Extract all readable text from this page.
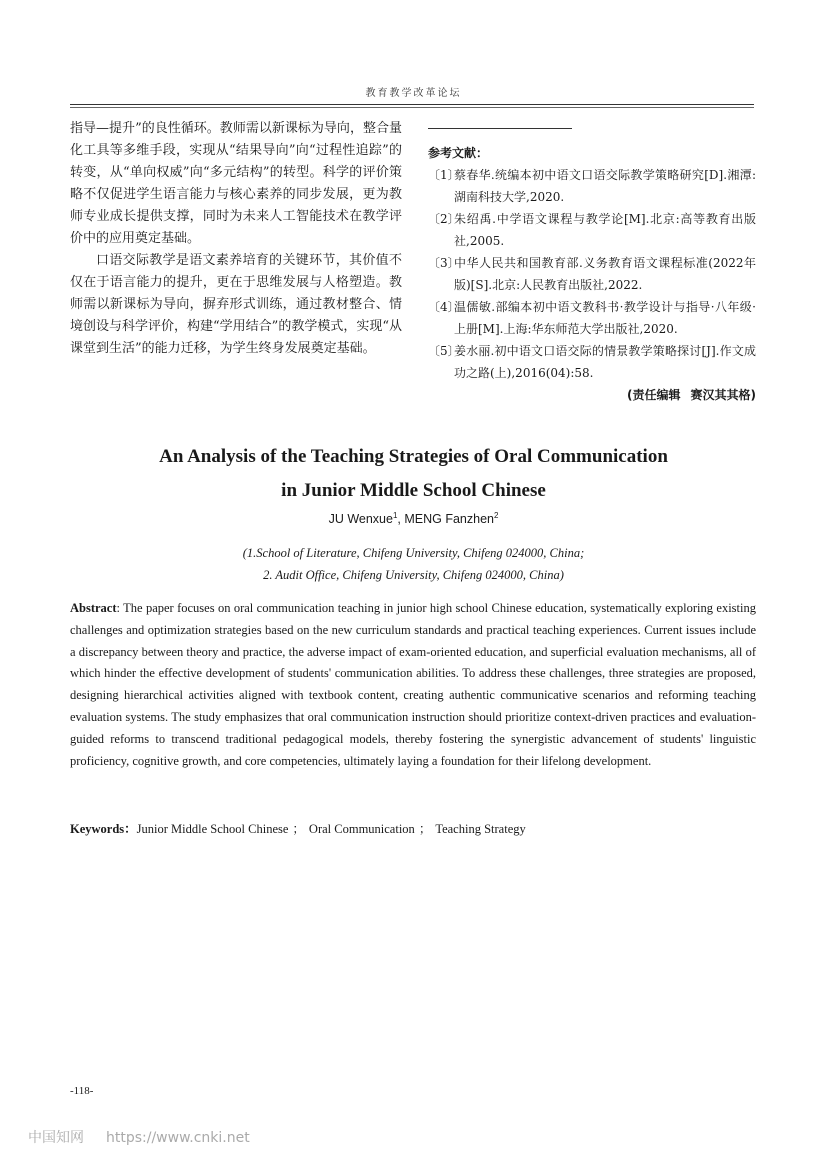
教育教学改革论坛

指导—提升”的良性循环。教师需以新课标为导向，整合量化工具等多维手段，实现从“结果导向”向“过程性追踪”的转变，从“单向权威”向“多元结构”的转型。科学的评价策略不仅促进学生语言能力与核心素养的同步发展，更为教师专业成长提供支撑，同时为未来人工智能技术在教学评价中的应用奠定基础。

口语交际教学是语文素养培育的关键环节，其价值不仅在于语言能力的提升，更在于思维发展与人格塑造。教师需以新课标为导向，摒弃形式训练，通过教材整合、情境创设与科学评价，构建“学用结合”的教学模式，实现“从课堂到生活”的能力迁移，为学生终身发展奠定基础。

参考文献：
〔1〕
蔡春华.统编本初中语文口语交际教学策略研究[D].湘潭:湖南科技大学,2020.
〔2〕
朱绍禹.中学语文课程与教学论[M].北京:高等教育出版社,2005.
〔3〕
中华人民共和国教育部.义务教育语文课程标准(2022年版)[S].北京:人民教育出版社,2022.
〔4〕
温儒敏.部编本初中语文教科书·教学设计与指导·八年级·上册[M].上海:华东师范大学出版社,2020.
〔5〕
姜水丽.初中语文口语交际的情景教学策略探讨[J].作文成功之路(上),2016(04):58.
(责任编辑 赛汉其其格)
An Analysis of the Teaching Strategies of Oral Communication
in Junior Middle School Chinese
JU Wenxue$^1$, MENG Fanzhen$^2$
(1.School of Literature, Chifeng University, Chifeng 024000, China;
2. Audit Office, Chifeng University, Chifeng 024000, China)
Abstract: The paper focuses on oral communication teaching in junior high school Chinese education, systematically exploring existing challenges and optimization strategies based on the new curriculum standards and practical teaching experiences. Current issues include a discrepancy between theory and practice, the adverse impact of exam-oriented education, and superficial evaluation mechanisms, all of which hinder the effective development of students' communication abilities. To address these challenges, three strategies are proposed, designing hierarchical activities aligned with textbook content, creating authentic communicative scenarios and reforming teaching evaluation systems. The study emphasizes that oral communication instruction should prioritize context-driven practices and evaluation-guided reforms to transcend traditional pedagogical models, thereby fostering the synergistic advancement of students' linguistic proficiency, cognitive growth, and core competencies, ultimately laying a foundation for their lifelong development.
Keywords：Junior Middle School Chinese ； Oral Communication ； Teaching Strategy
-118-
中国知网 https://www.cnki.net
